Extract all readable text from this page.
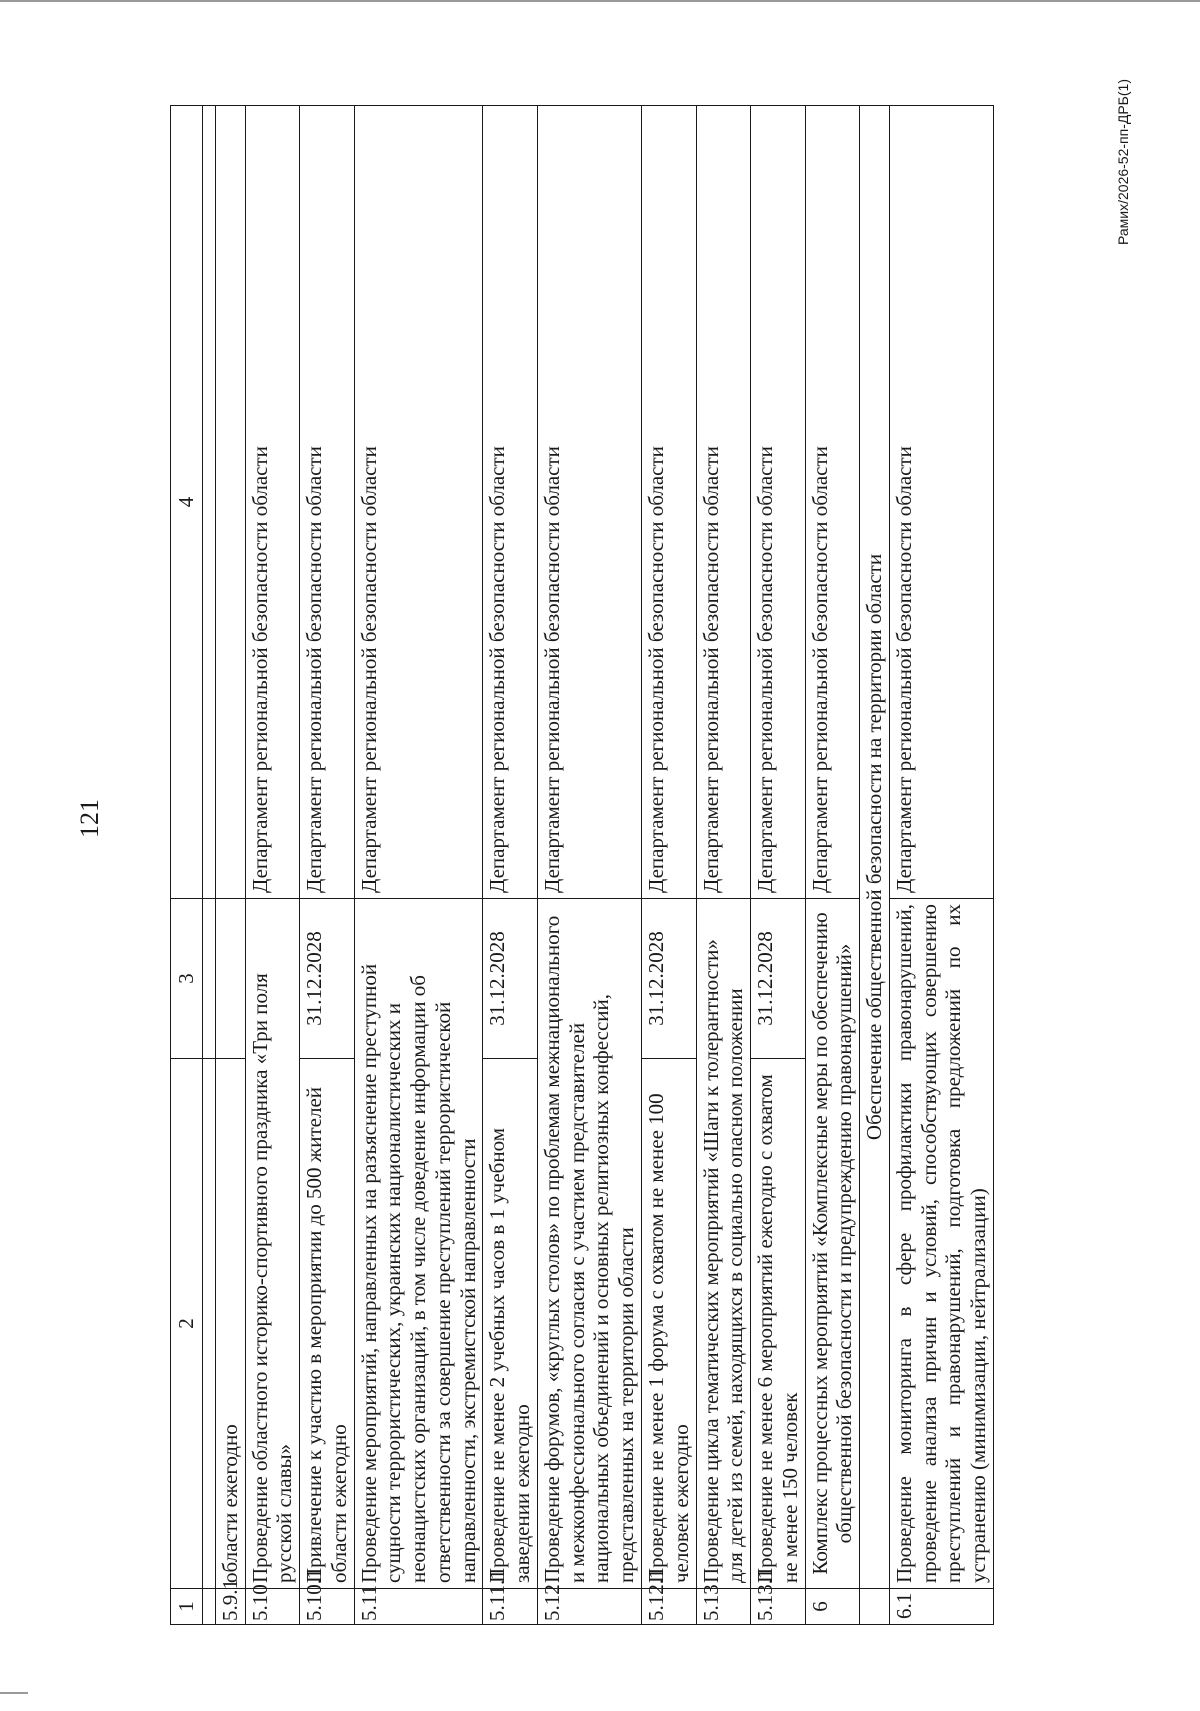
121
Рамих/2026-52-пп-ДРБ(1)
1	2	3	4

5.9.1	области ежегодно		
5.10	Проведение областного историко-спортивного праздника «Три поля русской славы»		Департамент региональной безопасности области
5.10.1	Привлечение к участию в мероприятии до 500 жителей области ежегодно	31.12.2028	Департамент региональной безопасности области
5.11	Проведение мероприятий, направленных на разъяснение преступной сущности террористических, украинских националистических и неонацистских организаций, в том числе доведение информации об ответственности за совершение преступлений террористической направленности, экстремистской направленности		Департамент региональной безопасности области
5.11.1	Проведение не менее 2 учебных часов в 1 учебном заведении ежегодно	31.12.2028	Департамент региональной безопасности области
5.12	Проведение форумов, «круглых столов» по проблемам межнационального и межконфессионального согласия с участием представителей национальных объединений и основных религиозных конфессий, представленных на территории области		Департамент региональной безопасности области
5.12.1	Проведение не менее 1 форума с охватом не менее 100 человек ежегодно	31.12.2028	Департамент региональной безопасности области
5.13	Проведение цикла тематических мероприятий «Шаги к толерантности» для детей из семей, находящихся в социально опасном положении		Департамент региональной безопасности области
5.13.1	Проведение не менее 6 мероприятий ежегодно с охватом не менее 150 человек	31.12.2028	Департамент региональной безопасности области
6	Комплекс процессных мероприятий «Комплексные меры по обеспечению общественной безопасности и предупреждению правонарушений»		Департамент региональной безопасности области
	Обеспечение общественной безопасности на территории области		
6.1	Проведение мониторинга в сфере профилактики правонарушений, проведение анализа причин и условий, способствующих совершению преступлений и правонарушений, подготовка предложений по их устранению (минимизации, нейтрализации)		Департамент региональной безопасности области
